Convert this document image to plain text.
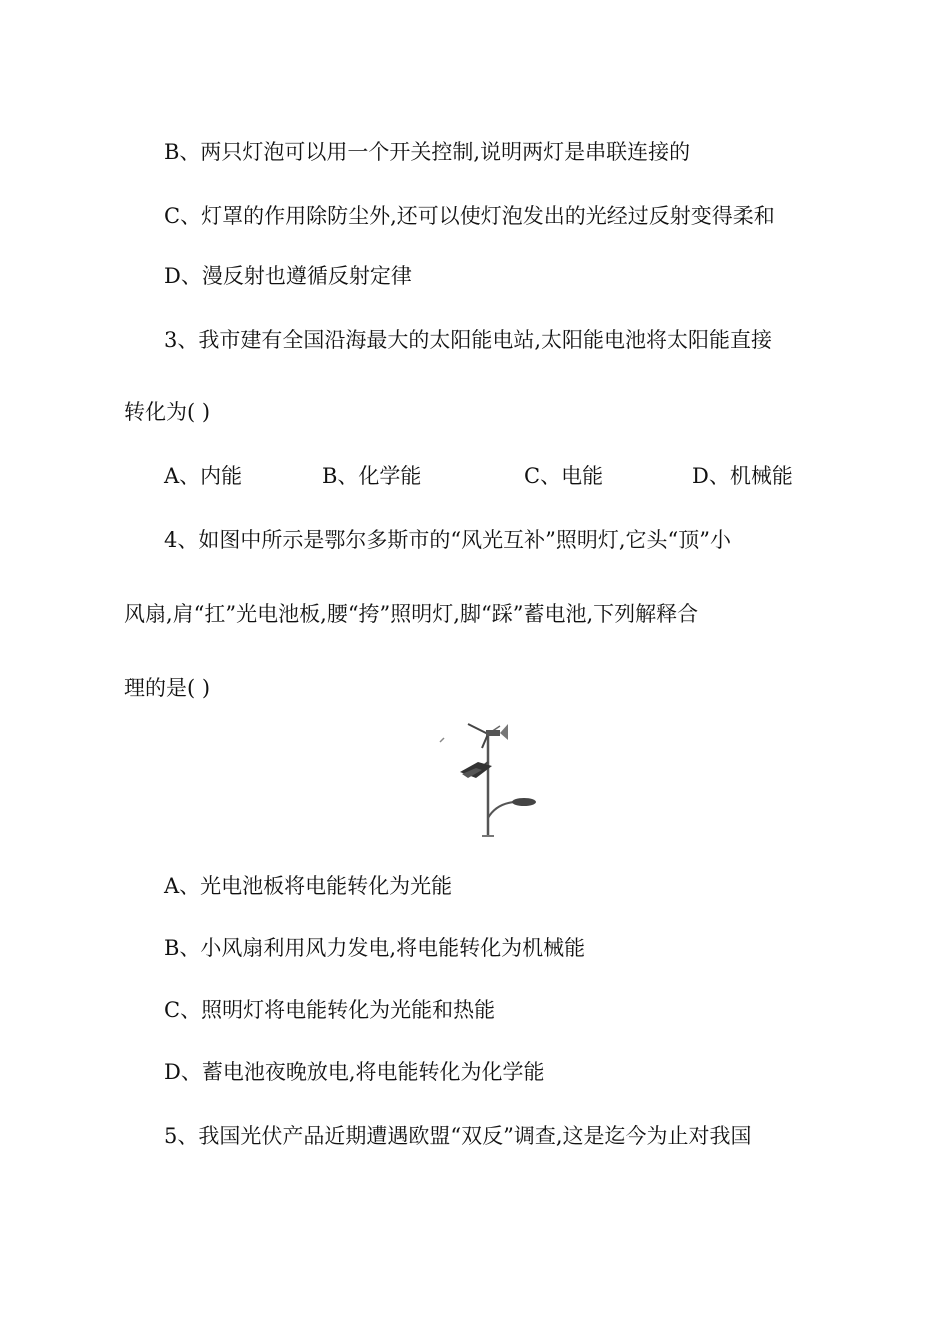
B、两只灯泡可以用一个开关控制,说明两灯是串联连接的

C、灯罩的作用除防尘外,还可以使灯泡发出的光经过反射变得柔和

D、漫反射也遵循反射定律

3、我市建有全国沿海最大的太阳能电站,太阳能电池将太阳能直接

转化为( )

A、内能	B、化学能	C、电能	D、机械能

4、如图中所示是鄂尔多斯市的“风光互补”照明灯,它头“顶”小

风扇,肩“扛”光电池板,腰“挎”照明灯,脚“踩”蓄电池,下列解释合

理的是( )

A、光电池板将电能转化为光能

B、小风扇利用风力发电,将电能转化为机械能

C、照明灯将电能转化为光能和热能

D、蓄电池夜晚放电,将电能转化为化学能

5、我国光伏产品近期遭遇欧盟“双反”调查,这是迄今为止对我国
